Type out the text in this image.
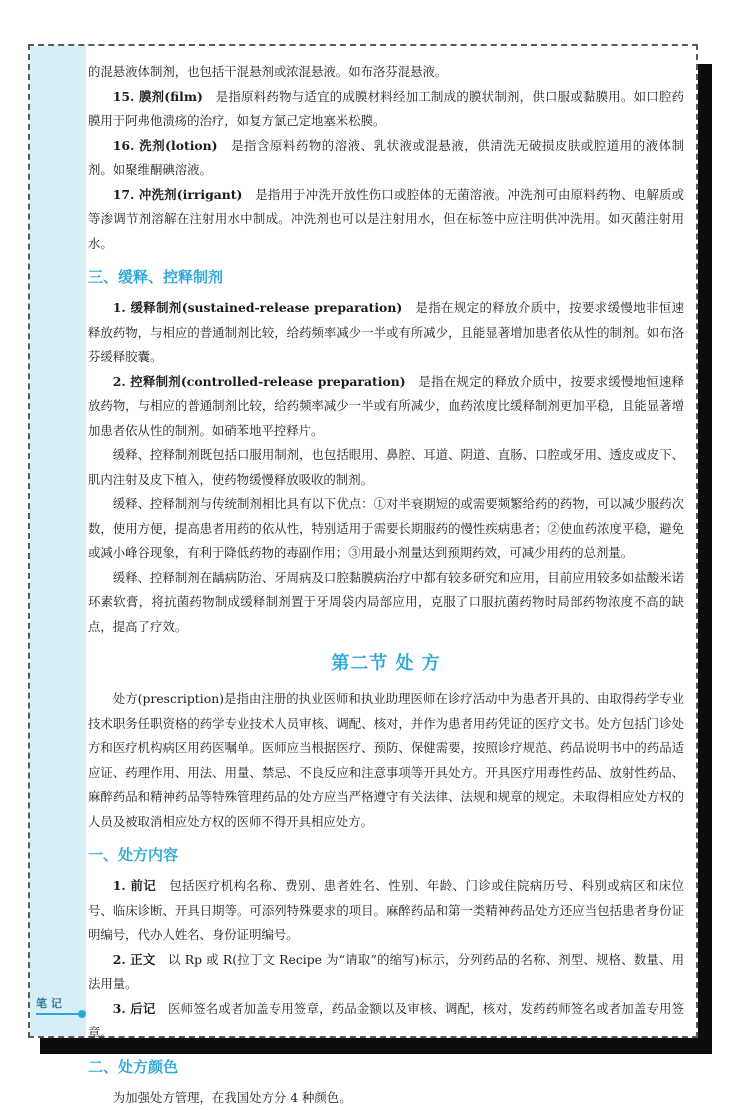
笔 记

的混悬液体制剂，也包括干混悬剂或浓混悬液。如布洛芬混悬液。

15. 膜剂(film)　 是指原料药物与适宜的成膜材料经加工制成的膜状制剂，供口服或黏膜用。如口腔药膜用于阿弗他溃疡的治疗，如复方氯己定地塞米松膜。

16. 洗剂(lotion)　 是指含原料药物的溶液、乳状液或混悬液，供清洗无破损皮肤或腔道用的液体制剂。如聚维酮碘溶液。

17. 冲洗剂(irrigant)　 是指用于冲洗开放性伤口或腔体的无菌溶液。冲洗剂可由原料药物、电解质或等渗调节剂溶解在注射用水中制成。冲洗剂也可以是注射用水，但在标签中应注明供冲洗用。如灭菌注射用水。

三、缓释、控释制剂

1. 缓释制剂(sustained-release preparation)　 是指在规定的释放介质中，按要求缓慢地非恒速释放药物，与相应的普通制剂比较，给药频率减少一半或有所减少，且能显著增加患者依从性的制剂。如布洛芬缓释胶囊。

2. 控释制剂(controlled-release preparation)　 是指在规定的释放介质中，按要求缓慢地恒速释放药物，与相应的普通制剂比较，给药频率减少一半或有所减少，血药浓度比缓释制剂更加平稳，且能显著增加患者依从性的制剂。如硝苯地平控释片。

缓释、控释制剂既包括口服用制剂，也包括眼用、鼻腔、耳道、阴道、直肠、口腔或牙用、透皮或皮下、肌内注射及皮下植入，使药物缓慢释放吸收的制剂。

缓释、控释制剂与传统制剂相比具有以下优点：①对半衰期短的或需要频繁给药的药物，可以减少服药次数，使用方便，提高患者用药的依从性，特别适用于需要长期服药的慢性疾病患者；②使血药浓度平稳，避免或减小峰谷现象，有利于降低药物的毒副作用；③用最小剂量达到预期药效，可减少用药的总剂量。

缓释、控释制剂在龋病防治、牙周病及口腔黏膜病治疗中都有较多研究和应用，目前应用较多如盐酸米诺环素软膏，将抗菌药物制成缓释制剂置于牙周袋内局部应用，克服了口服抗菌药物时局部药物浓度不高的缺点，提高了疗效。

第二节 处 方

处方(prescription)是指由注册的执业医师和执业助理医师在诊疗活动中为患者开具的、由取得药学专业技术职务任职资格的药学专业技术人员审核、调配、核对，并作为患者用药凭证的医疗文书。处方包括门诊处方和医疗机构病区用药医嘱单。医师应当根据医疗、预防、保健需要，按照诊疗规范、药品说明书中的药品适应证、药理作用、用法、用量、禁忌、不良反应和注意事项等开具处方。开具医疗用毒性药品、放射性药品、麻醉药品和精神药品等特殊管理药品的处方应当严格遵守有关法律、法规和规章的规定。未取得相应处方权的人员及被取消相应处方权的医师不得开具相应处方。

一、处方内容

1. 前记　 包括医疗机构名称、费别、患者姓名、性别、年龄、门诊或住院病历号、科别或病区和床位号、临床诊断、开具日期等。可添列特殊要求的项目。麻醉药品和第一类精神药品处方还应当包括患者身份证明编号，代办人姓名、身份证明编号。

2. 正文　 以 Rp 或 R(拉丁文 Recipe 为“请取”的缩写)标示，分列药品的名称、剂型、规格、数量、用法用量。

3. 后记　 医师签名或者加盖专用签章，药品金额以及审核、调配，核对，发药药师签名或者加盖专用签章。

二、处方颜色

为加强处方管理，在我国处方分 4 种颜色。
